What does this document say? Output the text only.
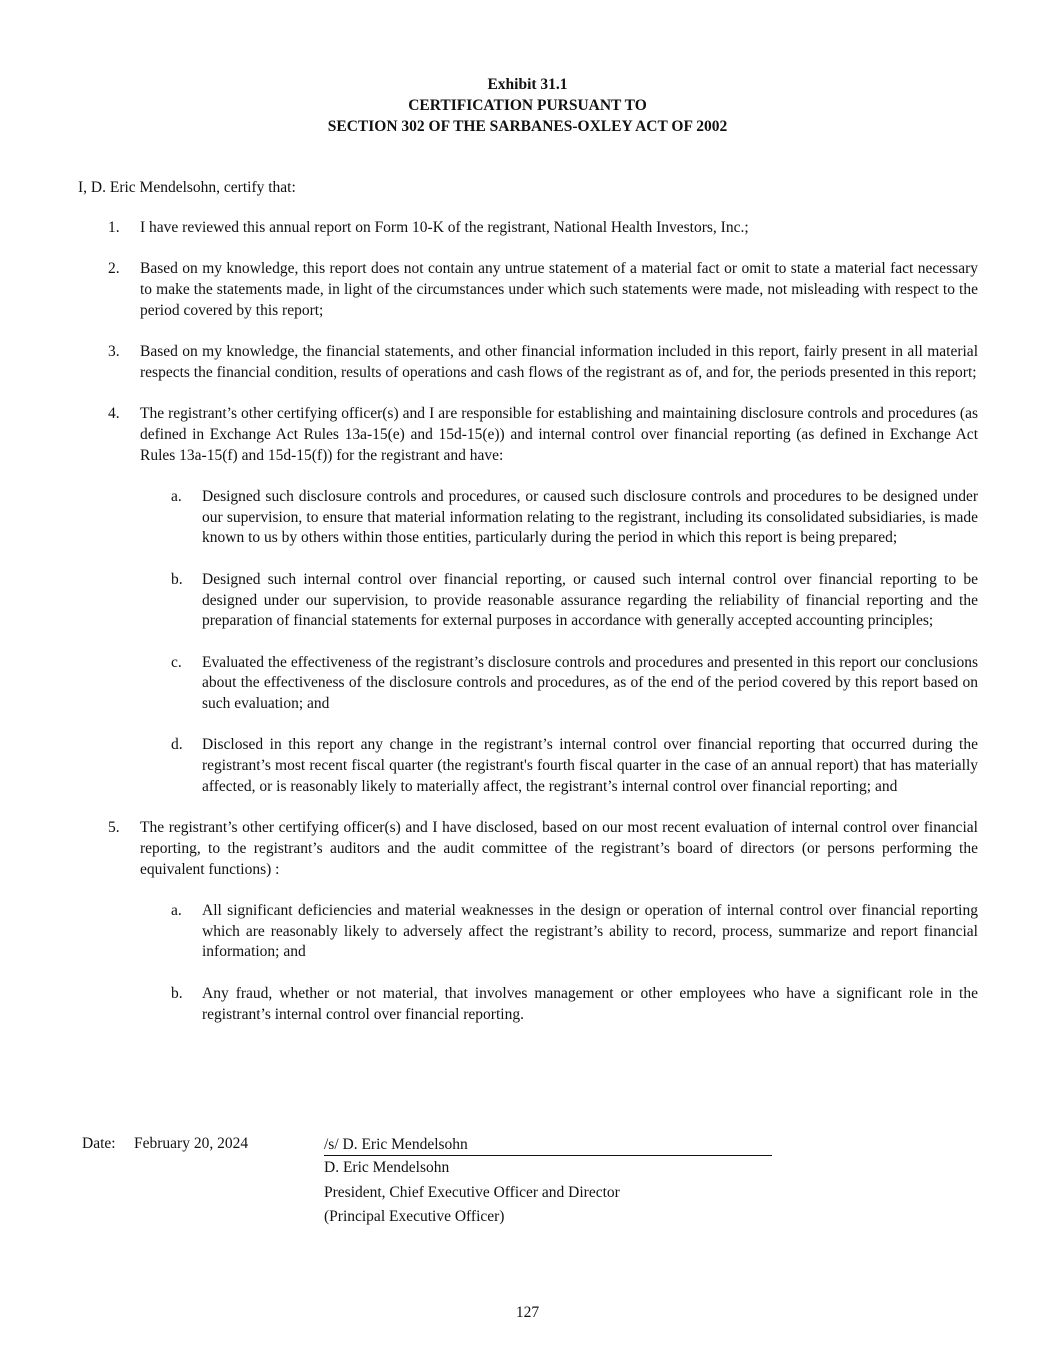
Exhibit 31.1
CERTIFICATION PURSUANT TO
SECTION 302 OF THE SARBANES-OXLEY ACT OF 2002
I, D. Eric Mendelsohn, certify that:
1. I have reviewed this annual report on Form 10-K of the registrant, National Health Investors, Inc.;
2. Based on my knowledge, this report does not contain any untrue statement of a material fact or omit to state a material fact necessary to make the statements made, in light of the circumstances under which such statements were made, not misleading with respect to the period covered by this report;
3. Based on my knowledge, the financial statements, and other financial information included in this report, fairly present in all material respects the financial condition, results of operations and cash flows of the registrant as of, and for, the periods presented in this report;
4. The registrant’s other certifying officer(s) and I are responsible for establishing and maintaining disclosure controls and procedures (as defined in Exchange Act Rules 13a-15(e) and 15d-15(e)) and internal control over financial reporting (as defined in Exchange Act Rules 13a-15(f) and 15d-15(f)) for the registrant and have:
a. Designed such disclosure controls and procedures, or caused such disclosure controls and procedures to be designed under our supervision, to ensure that material information relating to the registrant, including its consolidated subsidiaries, is made known to us by others within those entities, particularly during the period in which this report is being prepared;
b. Designed such internal control over financial reporting, or caused such internal control over financial reporting to be designed under our supervision, to provide reasonable assurance regarding the reliability of financial reporting and the preparation of financial statements for external purposes in accordance with generally accepted accounting principles;
c. Evaluated the effectiveness of the registrant’s disclosure controls and procedures and presented in this report our conclusions about the effectiveness of the disclosure controls and procedures, as of the end of the period covered by this report based on such evaluation; and
d. Disclosed in this report any change in the registrant’s internal control over financial reporting that occurred during the registrant’s most recent fiscal quarter (the registrant's fourth fiscal quarter in the case of an annual report) that has materially affected, or is reasonably likely to materially affect, the registrant’s internal control over financial reporting; and
5. The registrant’s other certifying officer(s) and I have disclosed, based on our most recent evaluation of internal control over financial reporting, to the registrant’s auditors and the audit committee of the registrant’s board of directors (or persons performing the equivalent functions) :
a. All significant deficiencies and material weaknesses in the design or operation of internal control over financial reporting which are reasonably likely to adversely affect the registrant’s ability to record, process, summarize and report financial information; and
b. Any fraud, whether or not material, that involves management or other employees who have a significant role in the registrant’s internal control over financial reporting.
Date: February 20, 2024	/s/ D. Eric Mendelsohn
D. Eric Mendelsohn
President, Chief Executive Officer and Director
(Principal Executive Officer)
127
